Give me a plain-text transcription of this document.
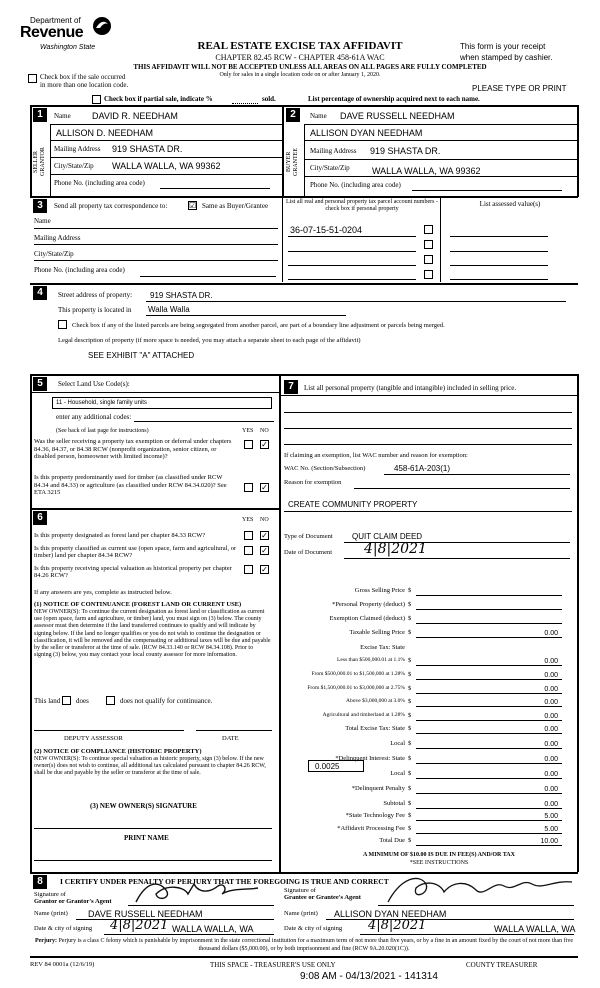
Department of
Revenue
Washington State	REAL ESTATE EXCISE TAX AFFIDAVIT
CHAPTER 82.45 RCW - CHAPTER 458-61A WAC
THIS AFFIDAVIT WILL NOT BE ACCEPTED UNLESS ALL AREAS ON ALL PAGES ARE FULLY COMPLETED
Only for sales in a single location code on or after January 1, 2020.
This form is your receipt
when stamped by cashier.
Check box if the sale occurred
in more than one location code.	PLEASE TYPE OR PRINT
Check box if partial sale, indicate %	sold.	List percentage of ownership acquired next to each name.
1
SELLER GRANTOR
Name DAVID R. NEEDHAM
ALLISON D. NEEDHAM
Mailing Address 919 SHASTA DR.
City/State/Zip WALLA WALLA, WA 99362
Phone No. (including area code)
2
BUYER GRANTEE
Name DAVE RUSSELL NEEDHAM
ALLISON DYAN NEEDHAM
Mailing Address 919 SHASTA DR.
City/State/Zip WALLA WALLA, WA 99362
Phone No. (including area code)
3	Send all property tax correspondence to:	☑ Same as Buyer/Grantee	List all real and personal property tax parcel account numbers - check box if personal property
List assessed value(s)
Name
Mailing Address
City/State/Zip
Phone No. (including area code)
36-07-15-51-0204
4	Street address of property: 919 SHASTA DR.
This property is located in Walla Walla
Check box if any of the listed parcels are being segregated from another parcel, are part of a boundary line adjustment or parcels being merged.
Legal description of property (if more space is needed, you may attach a separate sheet to each page of the affidavit)
SEE EXHIBIT "A" ATTACHED
5	Select Land Use Code(s):
11 - Household, single family units
enter any additional codes:
(See back of last page for instructions)	YES NO
Was the seller receiving a property tax exemption or deferral under chapters 84.36, 84.37, or 84.38 RCW (nonprofit organization, senior citizen, or disabled person, homeowner with limited income)?
✓
Is this property predominantly used for timber (as classified under RCW 84.34 and 84.33) or agriculture (as classified under RCW 84.34.020)? See ETA 3215
✓
6	YES NO
Is this property designated as forest land per chapter 84.33 RCW?	✓
Is this property classified as current use (open space, farm and agricultural, or timber) land per chapter 84.34 RCW?
✓
Is this property receiving special valuation as historical property per chapter 84.26 RCW?
✓
If any answers are yes, complete as instructed below.
(1) NOTICE OF CONTINUANCE (FOREST LAND OR CURRENT USE)
NEW OWNER(S): To continue the current designation as forest land or classification as current use (open space, farm and agriculture, or timber) land, you must sign on (3) below. The county assessor must then determine if the land transferred continues to qualify and will indicate by signing below. If the land no longer qualifies or you do not wish to continue the designation or classification, it will be removed and the compensating or additional taxes will be due and payable by the seller or transferor at the time of sale. (RCW 84.33.140 or RCW 84.34.108). Prior to signing (3) below, you may contact your local county assessor for more information.
This land does	does not qualify for continuance.
DEPUTY ASSESSOR	DATE
(2) NOTICE OF COMPLIANCE (HISTORIC PROPERTY)
NEW OWNER(S): To continue special valuation as historic property, sign (3) below. If the new owner(s) does not wish to continue, all additional tax calculated pursuant to chapter 84.26 RCW, shall be due and payable by the seller or transferor at the time of sale.
(3) NEW OWNER(S) SIGNATURE
PRINT NAME
7	List all personal property (tangible and intangible) included in selling price.
If claiming an exemption, list WAC number and reason for exemption:
WAC No. (Section/Subsection)	458-61A-203(1)
Reason for exemption
CREATE COMMUNITY PROPERTY
Type of Document QUIT CLAIM DEED
Date of Document 4|8|2021
Gross Selling Price $
*Personal Property (deduct) $
Exemption Claimed (deduct) $
Taxable Selling Price $	0.00
Excise Tax: State
Less than $500,000.01 at 1.1% $	0.00
From $500,000.01 to $1,500,000 at 1.28% $	0.00
From $1,500,000.01 to $3,000,000 at 2.75% $	0.00
Above $3,000,000 at 3.0% $	0.00
Agricultural and timberland at 1.28% $	0.00
Total Excise Tax: State $	0.00
Local $	0.00
*Delinquent Interest: State $	0.00
Local $	0.00
*Delinquent Penalty $	0.00
Subtotal $	0.00
*State Technology Fee $	5.00
*Affidavit Processing Fee $	5.00
Total Due $	10.00
0.0025
A MINIMUM OF $10.00 IS DUE IN FEE(S) AND/OR TAX
*SEE INSTRUCTIONS
8	I CERTIFY UNDER PENALTY OF PERJURY THAT THE FOREGOING IS TRUE AND CORRECT
Signature of
Grantor or Grantor's Agent
Signature of
Grantee or Grantee's Agent
Name (print) DAVE RUSSELL NEEDHAM	Name (print) ALLISON DYAN NEEDHAM
Date & city of signing 4|8|2021 WALLA WALLA, WA	Date & city of signing 4|8|2021	WALLA WALLA, WA
Perjury: Perjury is a class C felony which is punishable by imprisonment in the state correctional institution for a maximum term of not more than five years, or by a fine in an amount fixed by the court of not more than five thousand dollars ($5,000.00), or by both imprisonment and fine (RCW 9A.20.020(1C)).
REV 84 0001a (12/6/19)	THIS SPACE - TREASURER'S USE ONLY	COUNTY TREASURER
9:08 AM - 04/13/2021 - 141314
